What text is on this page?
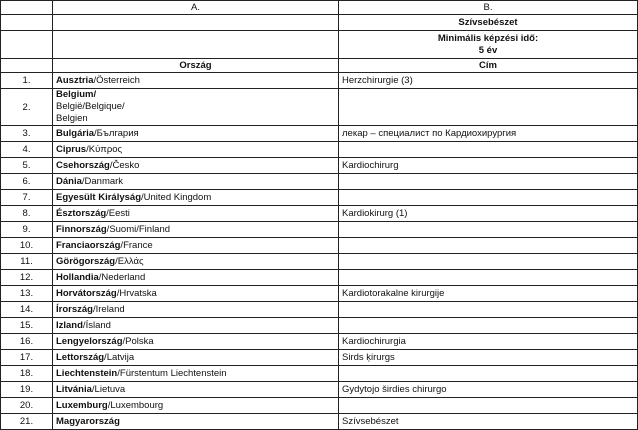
	A.	B.
		Szívsebészet

		Minimális képzési idő:
5 év

	Ország	Cím
1.	Ausztria/Österreich	Herzchirurgie (3)
2.	Belgium/
België/Belgique/
Belgien	

3.	Bulgária/България	лекар – специалист по Кардиохирургия
4.	Ciprus/Κύπρος	
5.	Csehország/Česko	Kardiochirurg
6.	Dánia/Danmark	
7.	Egyesült Királyság/United Kingdom	
8.	Észtország/Eesti	Kardiokirurg (1)
9.	Finnország/Suomi/Finland	
10.	Franciaország/France	
11.	Görögország/Ελλάς	
12.	Hollandia/Nederland	
13.	Horvátország/Hrvatska	Kardiotorakalne kirurgije
14.	Írország/Ireland	
15.	Izland/Ísland	
16.	Lengyelország/Polska	Kardiochirurgia
17.	Lettország/Latvija	Sirds ķirurgs
18.	Liechtenstein/Fürstentum Liechtenstein	
19.	Litvánia/Lietuva	Gydytojo širdies chirurgo
20.	Luxemburg/Luxembourg	
21.	Magyarország	Szívsebészet
